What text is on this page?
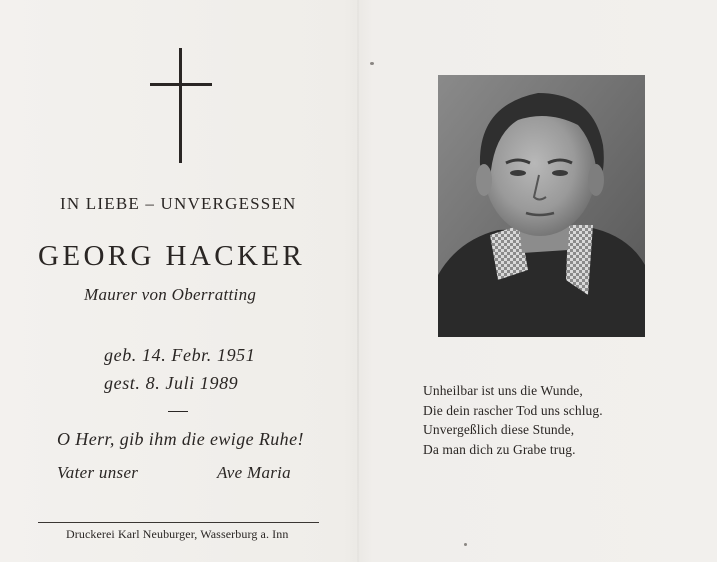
IN LIEBE – UNVERGESSEN
GEORG HACKER
Maurer von Oberratting
geb. 14. Febr. 1951
gest. 8. Juli 1989
O Herr, gib ihm die ewige Ruhe!
Vater unser	Ave Maria
Druckerei Karl Neuburger, Wasserburg a. Inn
Unheilbar ist uns die Wunde,
Die dein rascher Tod uns schlug.
Unvergeßlich diese Stunde,
Da man dich zu Grabe trug.
